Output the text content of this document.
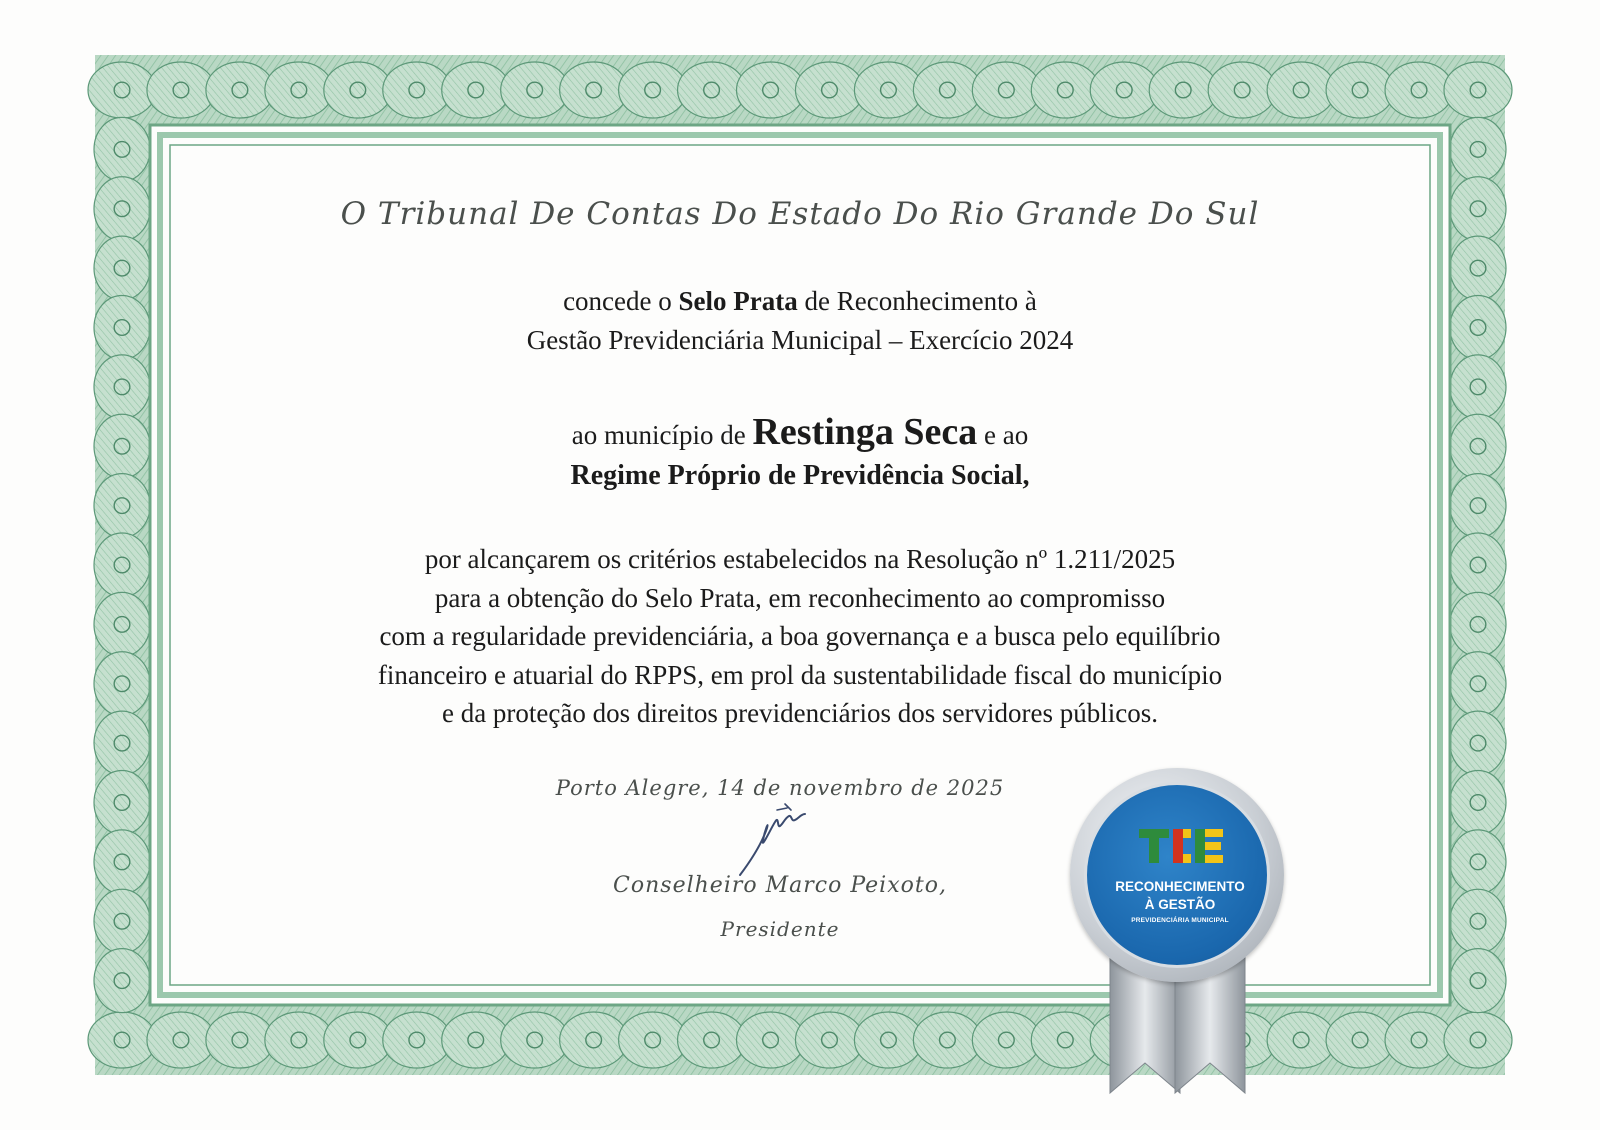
O Tribunal De Contas Do Estado Do Rio Grande Do Sul
concede o Selo Prata de Reconhecimento à
Gestão Previdenciária Municipal – Exercício 2024
ao município de Restinga Seca e ao
Regime Próprio de Previdência Social,
por alcançarem os critérios estabelecidos na Resolução nº 1.211/2025
para a obtenção do Selo Prata, em reconhecimento ao compromisso
com a regularidade previdenciária, a boa governança e a busca pelo equilíbrio
financeiro e atuarial do RPPS, em prol da sustentabilidade fiscal do município
e da proteção dos direitos previdenciários dos servidores públicos.
Porto Alegre, 14 de novembro de 2025
Conselheiro Marco Peixoto,
Presidente
RECONHECIMENTO
À GESTÃO
PREVIDENCIÁRIA MUNICIPAL
